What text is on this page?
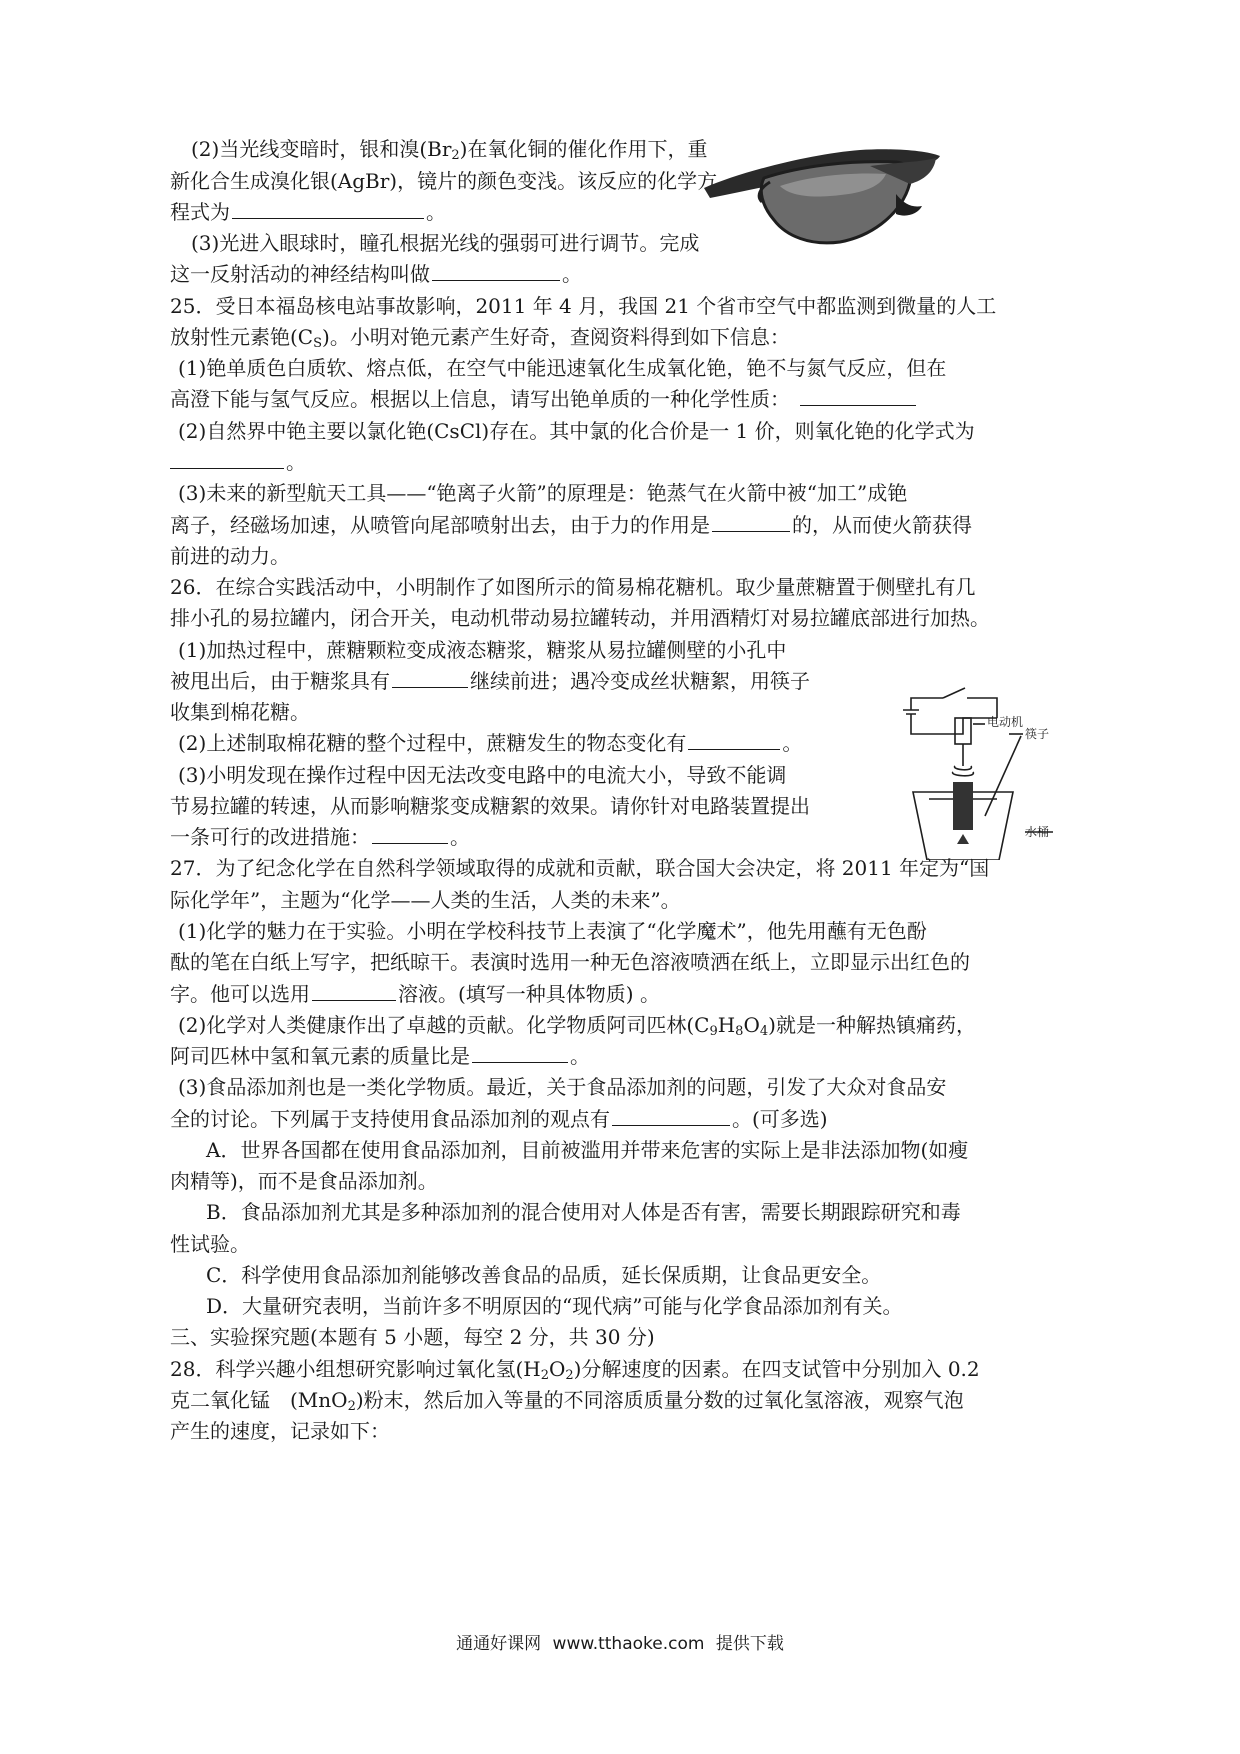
(2)当光线变暗时，银和溴$(Br_2)$在氧化铜的催化作用下，重
新化合生成溴化银(AgBr)，镜片的颜色变浅。该反应的化学方
程式为	。
(3)光进入眼球时，瞳孔根据光线的强弱可进行调节。完成
这一反射活动的神经结构叫做	。
25．受日本福岛核电站事故影响，2011 年 4 月，我国 21 个省市空气中都监测到微量的人工
放射性元素铯$(C_S)$。小明对铯元素产生好奇，查阅资料得到如下信息：
(1)铯单质色白质软、熔点低，在空气中能迅速氧化生成氧化铯，铯不与氮气反应，但在
高澄下能与氢气反应。根据以上信息，请写出铯单质的一种化学性质：
(2)自然界中铯主要以氯化铯(CsCl)存在。其中氯的化合价是一 1 价，则氧化铯的化学式为
。
(3)未来的新型航天工具——“铯离子火箭”的原理是：铯蒸气在火箭中被“加工”成铯
离子，经磁场加速，从喷管向尾部喷射出去，由于力的作用是	的，从而使火箭获得
前进的动力。
26．在综合实践活动中，小明制作了如图所示的简易棉花糖机。取少量蔗糖置于侧壁扎有几
排小孔的易拉罐内，闭合开关，电动机带动易拉罐转动，并用酒精灯对易拉罐底部进行加热。
(1)加热过程中，蔗糖颗粒变成液态糖浆，糖浆从易拉罐侧壁的小孔中
被甩出后，由于糖浆具有	继续前进；遇冷变成丝状糖絮，用筷子
收集到棉花糖。
(2)上述制取棉花糖的整个过程中，蔗糖发生的物态变化有	。
(3)小明发现在操作过程中因无法改变电路中的电流大小，导致不能调
节易拉罐的转速，从而影响糖浆变成糖絮的效果。请你针对电路装置提出
一条可行的改进措施：	。
电动机
筷子
水桶
27．为了纪念化学在自然科学领域取得的成就和贡献，联合国大会决定，将 2011 年定为“国
际化学年”，主题为“化学——人类的生活，人类的未来”。
(1)化学的魅力在于实验。小明在学校科技节上表演了“化学魔术”，他先用蘸有无色酚
酞的笔在白纸上写字，把纸晾干。表演时选用一种无色溶液喷洒在纸上，立即显示出红色的
字。他可以选用	溶液。(填写一种具体物质) 。
(2)化学对人类健康作出了卓越的贡献。化学物质阿司匹林$(C_9H_8O_4)$就是一种解热镇痛药，
阿司匹林中氢和氧元素的质量比是	。
(3)食品添加剂也是一类化学物质。最近，关于食品添加剂的问题，引发了大众对食品安
全的讨论。下列属于支持使用食品添加剂的观点有	。(可多选)
A．世界各国都在使用食品添加剂，目前被滥用并带来危害的实际上是非法添加物(如瘦
肉精等)，而不是食品添加剂。
B．食品添加剂尤其是多种添加剂的混合使用对人体是否有害，需要长期跟踪研究和毒
性试验。
C．科学使用食品添加剂能够改善食品的品质，延长保质期，让食品更安全。
D．大量研究表明，当前许多不明原因的“现代病”可能与化学食品添加剂有关。
三、实验探究题(本题有 5 小题，每空 2 分，共 30 分)
28．科学兴趣小组想研究影响过氧化氢$(H_2O_2)$分解速度的因素。在四支试管中分别加入 0.2
克二氧化锰　(MnO$_2$)粉末，然后加入等量的不同溶质质量分数的过氧化氢溶液，观察气泡
产生的速度，记录如下：
通通好课网 www.tthaoke.com 提供下载
